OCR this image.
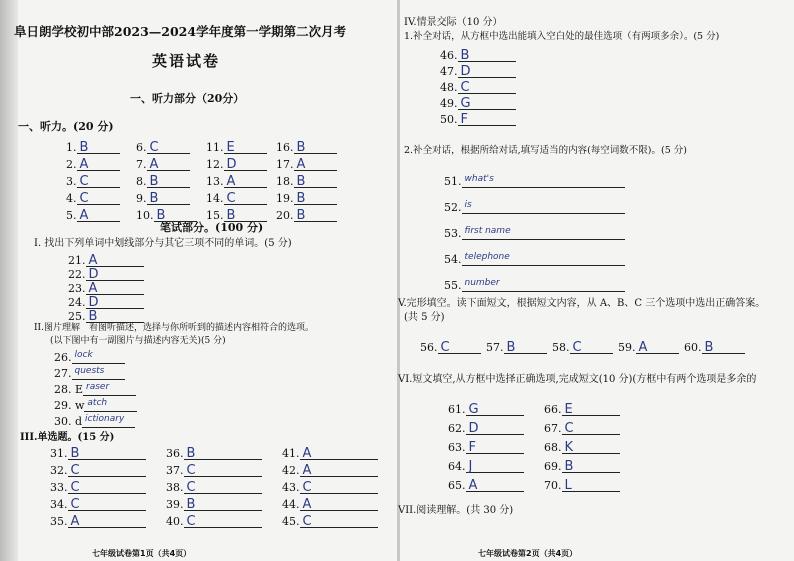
阜日朗学校初中部2023—2024学年度第一学期第二次月考
英语试卷
一、听力部分（20分）
一、听力。(20 分)
笔试部分。(100 分)
I. 找出下列单词中划线部分与其它三项不同的单词。(5 分)
II.图片理解　看图听描述，选择与你所听到的描述内容相符合的选项。
(以下图中有一副图片与描述内容无关)(5 分)
III.单选题。(15 分)
七年级试卷第1页（共4页）
IV.情景交际（10 分）
1.补全对话，从方框中选出能填入空白处的最佳选项（有两项多余）。(5 分)
2.补全对话，根据所给对话,填写适当的内容(每空词数不限)。(5 分)
V.完形填空。读下面短文，根据短文内容，从 A、B、C 三个选项中选出正确答案。
(共 5 分)
VI.短文填空,从方框中选择正确选项,完成短文(10 分)(方框中有两个选项是多余的
VII.阅读理解。(共 30 分)
七年级试卷第2页（共4页）
1. B
2. A
3. C
4. C
5. A
6. C
7. A
8. B
9. B
10. B
11. E
12. D
13. A
14. C
15. B
16. B
17. A
18. B
19. B
20. B
21. A
22. D
23. A
24. D
25. B
26. lock
27. quests
28. E raser
29. w atch
30. d ictionary
31. B
32. C
33. C
34. C
35. A
36. B
37. C
38. C
39. B
40. C
41. A
42. A
43. C
44. A
45. C
46. B
47. D
48. C
49. G
50. F
51. what's
52. is
53. first name
54. telephone
55. number
56. C	57. B	58. C	59. A	60. B
61. G
62. D
63. F
64. J
65. A
66. E
67. C
68. K
69. B
70. L
